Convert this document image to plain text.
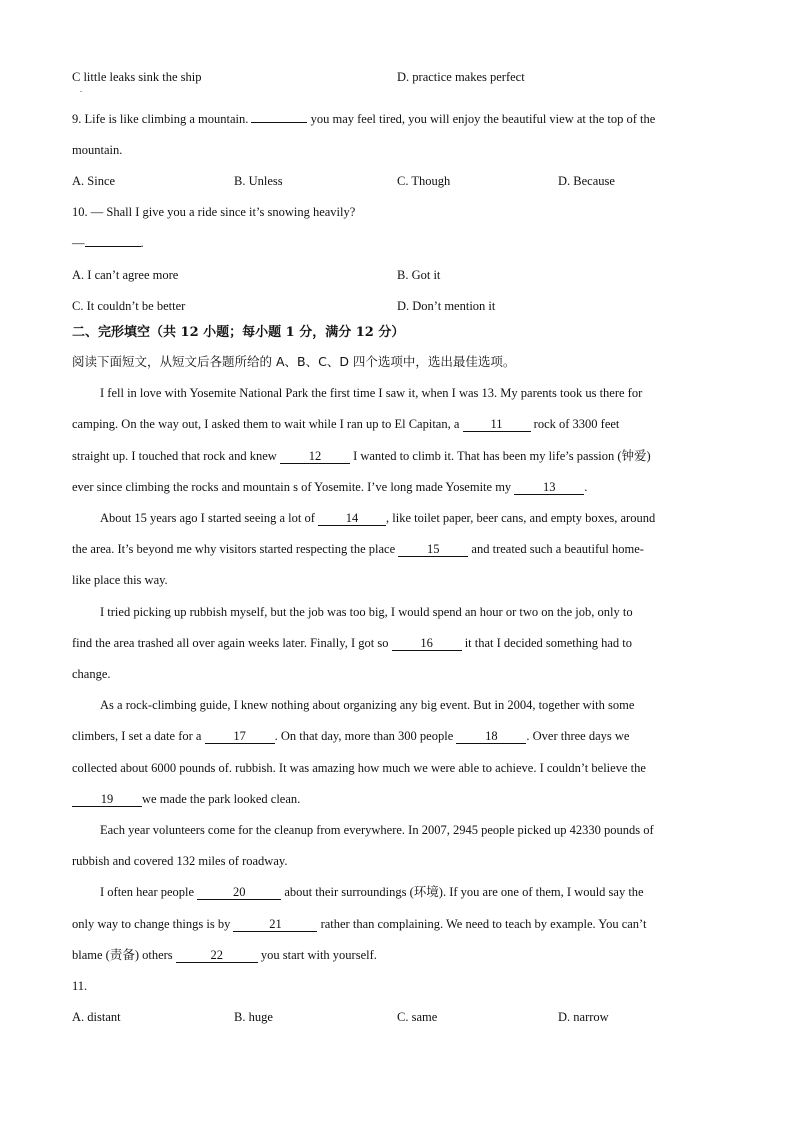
C little leaks sink the ship
.
D. practice makes perfect
9. Life is like climbing a mountain.	you may feel tired, you will enjoy the beautiful view at the top of the
mountain.
A. Since	B. Unless	C. Though	D. Because
10. — Shall I give you a ride since it’s snowing heavily?
—	.
A. I can’t agree more	B. Got it
C. It couldn’t be better	D. Don’t mention it
二、完形填空（共 12 小题；每小题 1 分，满分 12 分）
阅读下面短文，从短文后各题所给的 A、B、C、D 四个选项中，选出最佳选项。
I fell in love with Yosemite National Park the first time I saw it, when I was 13. My parents took us there for
camping. On the way out, I asked them to wait while I ran up to El Capitan, a 11 rock of 3300 feet
straight up. I touched that rock and knew 12 I wanted to climb it. That has been my life’s passion (钟爱)
ever since climbing the rocks and mountain s of Yosemite. I’ve long made Yosemite my 13 .
About 15 years ago I started seeing a lot of 14 , like toilet paper, beer cans, and empty boxes, around
the area. It’s beyond me why visitors started respecting the place 15 and treated such a beautiful home-
like place this way.
I tried picking up rubbish myself, but the job was too big, I would spend an hour or two on the job, only to
find the area trashed all over again weeks later. Finally, I got so 16 it that I decided something had to
change.
As a rock-climbing guide, I knew nothing about organizing any big event. But in 2004, together with some
climbers, I set a date for a 17 . On that day, more than 300 people 18 . Over three days we
collected about 6000 pounds of. rubbish. It was amazing how much we were able to achieve. I couldn’t believe the
19 we made the park looked clean.
Each year volunteers come for the cleanup from everywhere. In 2007, 2945 people picked up 42330 pounds of
rubbish and covered 132 miles of roadway.
I often hear people	20	about their surroundings (环境). If you are one of them, I would say the
only way to change things is by	21	rather than complaining. We need to teach by example. You can’t
blame (责备) others	22	you start with yourself.
11.
A. distant	B. huge	C. same	D. narrow
